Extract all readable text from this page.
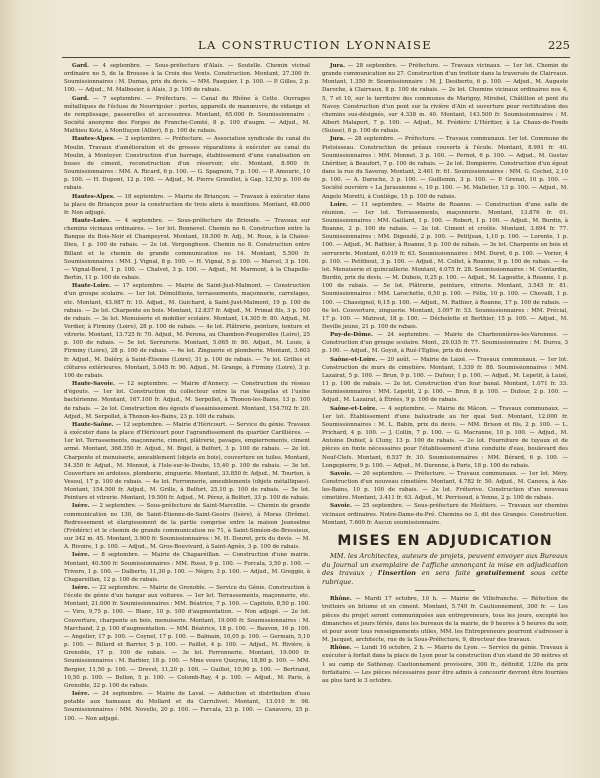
LA CONSTRUCTION LYONNAISE	225

Gard. — 4 septembre. — Sous-préfecture d'Alais. — Soutelle. Chemin vicinal ordinaire no 5, de la Brousse à la Croix des Vents. Construction. Montant, 27.300 fr. Soumissionnaires : M. Dumas, prix du devis. — MM. Pasquier, 1 p. 100. — P. Gilles, 2 p. 100. — Adjud., M. Malbosier, à Alais, 3 p. 100 de rabais.

Gard. — 7 septembre. — Préfecture. — Canal du Rhône à Cette. Ouvrages métalliques de l'écluse de Nourriguier : portes, appareils de manœuvre, de vidange et de remplissage, passerelles et accessoires. Montant, 65.000 fr. Soumissionnaire : Société anonyme des Forges de Franche-Comté, 8 p. 100 d'augm. — Adjud., M. Mathieu Kotz, à Montluçon (Allier), 8 p. 100 de rabais.

Hautes-Alpes. — 2 septembre. — Préfecture. — Association syndicale du canal du Moulin. Travaux d'amélioration et de grosses réparations à exécuter au canal du Moulin, à Monteyer. Construction d'un barrage, établissement d'une canalisation en buses de ciment, reconstruction d'un réservoir, etc. Montant, 8.900 fr. Soumissionnaires : MM. A. Ricard, 6 p. 100. — G. Spagnoni, 7 p. 100. — P. Amouric, 10 p. 100. — H. Dupont, 12 p. 100. — Adjud., M. Pierre Grimillet, à Gap, 12,50 p. 100 de rabais.

Hautes-Alpes. — 18 septembre. — Mairie de Briançon. — Travaux à exécuter dans la place de Briançon pour la construction de trois abris à munitions. Montant, 48.000 fr. Non adjugé.

Haute-Loire. — 4 septembre. — Sous-préfecture de Brioude. — Travaux sur chemins vicinaux ordinaires. — 1er lot. Bonnevel. Chemin no 6. Construction entre la Banque du Bois-Noir et Champeyrot. Montant, 18.500 fr. Adj., M. Roux, à la Chaise-Dieu, 1 p. 100 de rabais. — 2e lot. Vergongheon. Chemin no 8. Construction entre Billant et le chemin de grande communication no 14. Montant, 5.500 fr. Soumissionnaires : MM. J. Vignal, 8 p. 100. — H. Vignal, 5 p. 100. — Marcel, 3 p. 100. — Vignal-Borel, 1 p. 100. — Chalvet, 3 p. 100. — Adjud., M. Marmont, à la Chapelle-Bertin, 11 p. 100 de rabais.

Haute-Loire. — 17 septembre. — Mairie de Saint-Just-Malmont. — Construction d'un groupe scolaire. — 1er lot. Démolitions, terrassements, maçonnerie, carrelages, etc. Montant, 43.987 fr. 10. Adjud., M. Guichard, à Saint-Just-Malmont, 19 p. 100 de rabais. — 2e lot. Charpente en bois. Montant, 12.837 fr. Adjud., M. Primat fils, 3 p. 100 de rabais. — 3e lot. Menuiserie et mobilier scolaire. Montant, 14.305 fr. 80. Adjud., M. Verdier, à Firminy (Loire), 28 p. 100 de rabais. — 4e lot. Plâtrerie, peinture, tenture et vitrerie. Montant, 13.725 fr. 70. Adjud., M. Perona, au Chambon-Feugerolles (Loire), 25 p. 100 de rabais. — 5e lot. Serrurerie. Montant, 5.065 fr. 80. Adjud., M. Louis, à Firminy (Loire), 28 p. 100 de rabais. — 6e lot. Zinguerie et plomberie. Montant, 3.603 fr. Adjud., M. Daléry, à Saint-Étienne (Loire), 31 p. 100 de rabais. — 7e lot. Grilles et clôtures extérieures. Montant, 3.045 fr. 90. Adjud., M. Grange, à Firminy (Loire), 3 p. 100 de rabais.

Haute-Savoie. — 12 septembre. — Mairie d'Annecy. — Construction du réseau d'égouts. — 1er lot. Construction du collecteur entre la rue Vaugelas et l'usine bactérienne. Montant, 167.100 fr. Adjud., M. Serpollet, à Thonon-les-Bains, 13 p. 100 de rabais. — 2e lot. Construction des égouts d'assainissement. Montant, 154.702 fr. 20. Adjud., M. Serpollet, à Thonon-les-Bains, 23 p. 100 de rabais.

Haute-Saône. — 12 septembre. — Mairie d'Héricourt. — Service du génie. Travaux à exécuter dans la place d'Héricourt pour l'agrandissement du quartier Carillières. — 1er lot. Terrassements, maçonnerie, ciment, plâtrerie, pavages, empierrements, ciment armé. Montant, 368.350 fr. Adjud., M. Bigel, à Belfort, 3 p. 100 de rabais. — 2e lot. Charpente et menuiserie, ameublement (objets en bois), couverture en tuiles. Montant, 54.350 fr. Adjud., M. Monnot, à l'Isle-sur-le-Doubs, 15,40 p. 100 de rabais. — 3e lot. Couverture en ardoises, plomberie, zinguerie. Montant, 33.850 fr. Adjud., M. Tourton, à Vesoul, 17 p. 100 de rabais. — 4e lot. Ferronnerie, ameublements (objets métalliques). Montant, 154.500 fr. Adjud., M. Grille, à Belfort, 25,10 p. 100 de rabais. — 5e lot. Peinture et vitrerie. Montant, 19.500 fr. Adjud., M. Pérez, à Belfort, 33 p. 100 de rabais.

Isère. — 2 septembre. — Sous-préfecture de Saint-Marcellin. — Chemin de grande communication no 130, de Saint-Étienne-de-Saint-Geoirs (Isère), à Moras (Drôme). Redressement et élargissement de la partie comprise entre la maison Jeanselme (Frédéric) et le chemin de grande communication no 71, à Saint-Siméon-de-Bressieux, sur 342 m. 45. Montant, 3.900 fr. Soumissionnaires : M. H. Douret, prix du devis. — M. A. Rivoire, 1 p. 100. — Adjud., M. Gros-Bouvivard, à Saint-Agnès, 3 p. 100 de rabais.

Isère. — 8 septembre. — Mairie de Chaparéillan. — Construction d'une mairie. Montant, 40.500 fr. Soumissionnaires : MM. Rossi, 9 p. 100. — Forcala, 3,50 p. 100. — Trivero, 1 p. 100. — Dalberto, 11,30 p. 100. — Nègro, 3 p. 100. — Adjud., M. Greggio, à Chapareillan, 12 p. 100 de rabais.

Isère. — 22 septembre. — Mairie de Grenoble. — Service du Génie. Construction à l'école de génie d'un hangar aux voitures. — 1er lot. Terrassements, maçonnerie, etc. Montant, 21.000 fr. Soumissionnaires : MM. Béatrice, 7 p. 100. — Capitolo, 8,50 p. 100. — Viro, 9,75 p. 100. — Blanc, 10 p. 100 d'augmentation. — Non adjugé. — 2e lot. Couverture, charpente en bois, menuiserie. Montant, 19.000 fr. Soumissionnaires : M. Marchand, 2 p. 100 d'augmentation. — MM. Béatrice, 18 p. 100. — Bauvon, 16 p. 100. — Angelier, 17 p. 100. — Coynel, 17 p. 100. — Balmain, 10,05 p. 100. — Germain, 5,10 p. 100. — Billard et Barrier, 5 p. 100. — Paillet, 4 p. 100. — Adjud., M. Rivière, à Grenoble, 17 p. 100 de rabais. — 3e lot. Ferronnerie. Montant, 19.000 fr. Soumissionnaires : M. Barbier, 18 p. 100. — Mme veuve Queyras, 18,80 p. 100. — MM. Bergier, 11,50 p. 100. — Drevet, 11,20 p. 100. — Guillot, 10,90 p. 100. — Bertrand, 10,50 p. 100. — Bellon, 5 p. 100. — Colomb-Ray, 4 p. 100. — Adjud., M. Paris, à Grenoble, 22 p. 100 de rabais.

Isère. — 24 septembre. — Mairie de Laval. — Adduction et distribution d'eau potable aux hameaux du Mollard et du Carrulivet. Montant, 13.010 fr. 98. Soumissionnaires : MM. Novello, 20 p. 100. — Forcala, 23 p. 100. — Canavero, 25 p. 100. — Non adjugé.

Jura. — 28 septembre. — Préfecture. — Travaux vicinaux. — 1er lot. Chemin de grande communication no 27. Construction d'un trottoir dans la traversée de Clairvaux. Montant, 1.350 fr. Soumissionnaire : M. J. Desiberto, 6 p. 100. — Adjud., M. Auguste Daroche, à Clairvaux, 8 p. 100 de rabais. — 2e lot. Chemins vicinaux ordinaires nos 4, 5, 7 et 10, sur le territoire des communes de Marigny, Mirebel, Châtillon et pont du Navoy. Construction d'un pont sur la rivière d'Ain et ouverture pour rectification des chemins sus-désignés, sur 4.338 m. 40. Montant, 143.500 fr. Soumissionnaires : M. Albert Malapert, 7 p. 100. — Adjud., M. Frédéric L'Héritier, à La Chaux-de-Fonds (Suisse), 8 p. 100 de rabais.

Jura. — 28 septembre. — Préfecture. — Travaux communaux. 1er lot. Commune de Pistoisseau. Construction de préaux couverts à l'école. Montant, 8.991 fr. 40. Soumissionnaires : MM. Monnet, 3 p. 100. — Pernot, 6 p. 100. — Adjud., M. Gustav Lhéritier, à Beaufort, 7 p. 100 de rabais. — 2e lot. Dompierre. Construction d'un égout dans la rue du Saveray. Montant, 2.461 fr. 61. Soumissionnaires : MM. G. Cochet, 2,10 p. 100. — A. Daroche, 3 p. 100. — Guillemin, 3 p. 100. — P. Grenat, 10 p. 100. — Société ouvrière « La Jurassienne », 10 p. 100. — M. Malletier, 13 p. 100. — Adjud., M. Angelo Moretti, à Conliège, 15 p. 100 de rabais.

Loire. — 11 septembre. — Mairie de Roanne. — Construction d'une salle de réunion. — 1er lot. Terrassements, maçonnerie. Montant, 13.876 fr. 01. Soumissionnaires : MM. Gaillard, 1 p. 100. — Robert, 1 p. 100. — Adjud., M. Burdin, à Roanne, 2 p. 100 de rabais. — 2e lot. Ciment et croûte. Montant, 3.694 fr. 77. Soumissionnaires : MM. Digoudé, 2 p. 100. — Petitjean, 1,10 p. 100. — Lorente, 1 p. 100. — Adjud., M. Rathier, à Roanne, 5 p. 100 de rabais. — 3e lot. Charpente en bois et serrurerie. Montant, 6.019 fr. 63. Soumissionnaires : MM. Duret, 6 p. 100. — Vorier, 4 p. 100. — Petitbout, 3 p. 100. — Adjud., M. Collet, à Roanne, 9 p. 100 de rabais. — 4e lot. Menuiserie et quincaillerie. Montant, 4.075 fr. 28. Soumissionnaires : M. Contardin, Burdin, prix du devis. — M. Dubois, 0,25 p. 100. — Adjud., M. Lagoutte, à Roanne, 1 p. 100 de rabais. — 5e lot. Plâtrerie, peinture, vitrerie. Montant, 3.545 fr. 81. Soumissionnaires : MM. Larochette, 0,50 p. 100. — Félix, 10 p. 100. — Chevalli, 1 p. 100. — Chassignol, 6,15 p. 100. — Adjud., M. Rathier, à Roanne, 17 p. 100 de rabais. — 6e lot. Couverture, zinguerie. Montant, 3.097 fr. 53. Soumissionnaires : MM. Précial, 17 p. 100. — Matrout, 18 p. 100. — Déchelette et Berthier, 15 p. 100. — Adjud., M. Deville jeune, 21 p. 100 de rabais.

Puy-de-Dôme. — 24 septembre. — Mairie de Charbonnières-les-Varennes. — Construction d'un groupe scolaire. Mont., 29.035 fr. 77. Soumissionnaire : M. Durou, 3 p. 100. — Adjud., M. Goyot, à Rué-l'Église, prix du devis.

Saône-et-Loire. — 20 août. — Mairie de Laizé. — Travaux communaux. — 1er lot. Construction de murs de cimetière. Montant, 1.339 fr. 88. Soumissionnaires : MM. Lazairat, 5 p. 100. — Brun, 9 p. 100. — Dufour, 1 p. 100. — Adjud., M. Lepetit, à Laizé, 11 p. 100 de rabais. — 2e lot. Construction d'un four banal. Montant, 1.071 fr. 33. Soumissionnaires : MM. Lepetit, 2 p. 100. — Brun, 8 p. 100. — Dufour, 2 p. 100. — Adjud., M. Lazairat, à Étrées, 9 p. 100 de rabais.

Saône-et-Loire. — 4 septembre. — Mairie de Mâcon. — Travaux communaux. — 1er lot. Établissement d'une balustrade au fer quai Sud. Montant, 12.000 fr. Soumissionnaires : M. L. Babin, prix du devis. — MM. Brison et fils, 2 p. 100. — L. Prichard, 4 p. 100. — J. Collin, 7 p. 100. — G. Macranne, 10 p. 100. — Adjud., M. Antoine Dubief, à Cluny, 13 p. 100 de rabais. — 2e lot. Fourniture de tuyaux et de pièces en fonte nécessaires pour l'établissement d'une conduite d'eau, boulevard des Neuf-Clefs. Montant, 6.537 fr. 30. Soumissionnaires : MM. Bérard, 6 p. 100. — Longepierre, 9 p. 100. — Adjud., M. Durenne, à Paris, 18 p. 100 de rabais.

Savoie. — 20 septembre. — Préfecture. — Travaux communaux. — 1er lot. Méry. Construction d'un nouveau cimetière. Montant, 4.782 fr. 50. Adjud., M. Canova, à Aix-les-Bains, 10 p. 100 de rabais. — 2e lot. Fréterive. Construction d'un nouveau cimetière. Montant, 3.411 fr. 63. Adjud., M. Perrisoud, à Yenne, 2 p. 100 de rabais.

Savoie. — 25 septembre. — Sous-préfecture de Moûtiers. — Travaux sur chemins vicinaux ordinaires. Notre-Dame-du-Pré. Chemins no 3, dit des Granges. Construction. Montant, 7.600 fr. Aucun soumissionnaire.

MISES EN ADJUDICATION

MM. les Architectes, auteurs de projets, peuvent envoyer aux Bureaux du Journal un exemplaire de l'affiche annonçant la mise en adjudication des travaux ; l'insertion en sera faite gratuitement sous cette rubrique.

Rhône. — Mardi 17 octobre, 10 h. — Mairie de Villefranche. — Réfection de trottoirs en bitume et en ciment. Montant, 5.740 fr. Cautionnement, 300 fr. — Les pièces du projet seront communiquées aux entrepreneurs, tous les jours, excepté les dimanches et jours fériés, dans les bureaux de la mairie, de 9 heures à 5 heures du soir, et pour avoir tous renseignements utiles, MM. les Entrepreneurs pourront s'adresser à M. Jacquet, architecte, rue de la Sous-Préfecture, 9, directeur des travaux.

Rhône. — Lundi 16 octobre, 2 h. — Mairie de Lyon. — Service du génie. Travaux à exécuter à forfait dans la place de Lyon pour la construction d'un stand de 30 mètres et 1 au camp de Sathonay. Cautionnement provisoire, 300 fr., définitif, 1/20e du prix forfaitaire. — Les pièces nécessaires pour être admis à concourir devront être fournies au plus tard le 3 octobre.
